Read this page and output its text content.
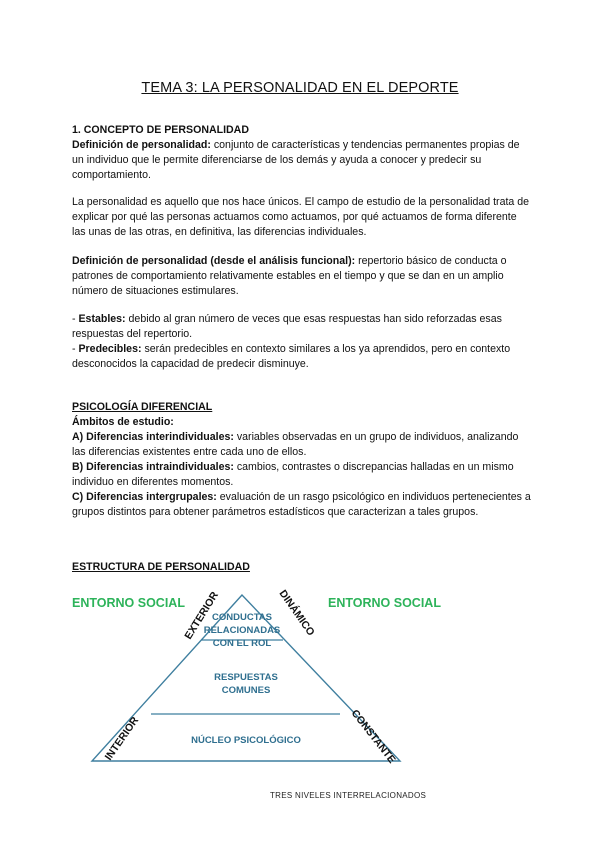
TEMA 3: LA PERSONALIDAD EN EL DEPORTE

1. CONCEPTO DE PERSONALIDAD

Definición de personalidad: conjunto de características y tendencias permanentes propias de un individuo que le permite diferenciarse de los demás y ayuda a conocer y predecir su comportamiento.

La personalidad es aquello que nos hace únicos. El campo de estudio de la personalidad trata de explicar por qué las personas actuamos como actuamos, por qué actuamos de forma diferente las unas de las otras, en definitiva, las diferencias individuales.

Definición de personalidad (desde el análisis funcional): repertorio básico de conducta o patrones de comportamiento relativamente estables en el tiempo y que se dan en un amplio número de situaciones estimulares.

- Estables: debido al gran número de veces que esas respuestas han sido reforzadas esas respuestas del repertorio.

- Predecibles: serán predecibles en contexto similares a los ya aprendidos, pero en contexto desconocidos la capacidad de predecir disminuye.

PSICOLOGÍA DIFERENCIAL

Ámbitos de estudio:

A) Diferencias interindividuales: variables observadas en un grupo de individuos, analizando las diferencias existentes entre cada uno de ellos.

B) Diferencias intraindividuales: cambios, contrastes o discrepancias halladas en un mismo individuo en diferentes momentos.

C) Diferencias intergrupales: evaluación de un rasgo psicológico en individuos pertenecientes a grupos distintos para obtener parámetros estadísticos que caracterizan a tales grupos.

ESTRUCTURA DE PERSONALIDAD

ENTORNO SOCIAL	ENTORNO SOCIAL
EXTERIOR	DINÁMICO
INTERIOR	CONSTANTE
CONDUCTAS
RELACIONADAS
CON EL ROL
RESPUESTAS
COMUNES
NÚCLEO PSICOLÓGICO
TRES NIVELES INTERRELACIONADOS
